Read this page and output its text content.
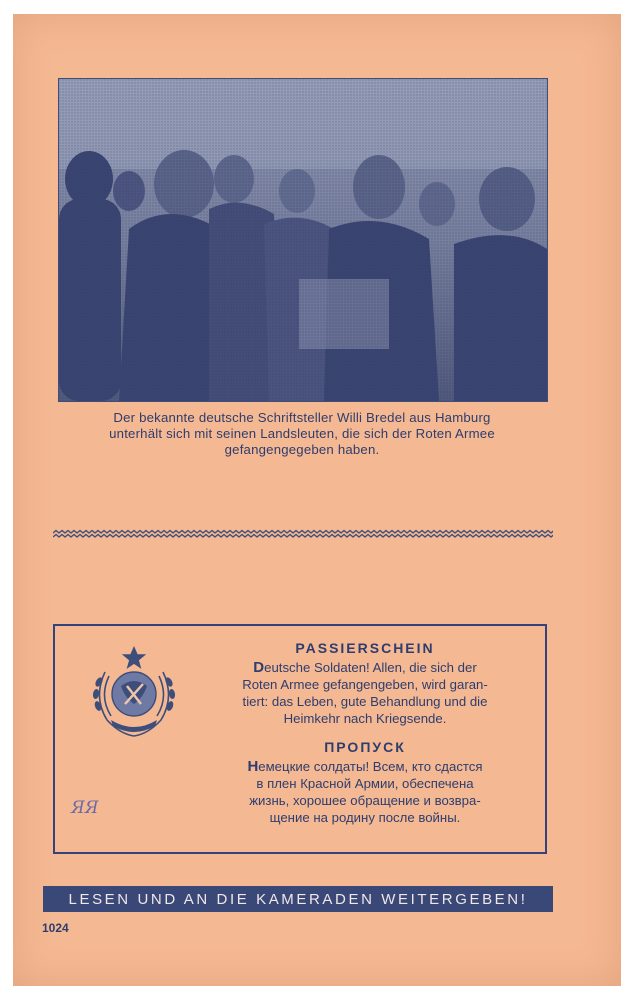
Der bekannte deutsche Schriftsteller Willi Bredel aus Hamburg
unterhält sich mit seinen Landsleuten, die sich der Roten Armee
gefangengegeben haben.
ЯЯ
PASSIERSCHEIN
Deutsche Soldaten! Allen, die sich der
Roten Armee gefangengeben, wird garan-
tiert: das Leben, gute Behandlung und die
Heimkehr nach Kriegsende.
ПРОПУСК
Немецкие солдаты! Всем, кто сдастся
в плен Красной Армии, обеспечена
жизнь, хорошее обращение и возвра-
щение на родину после войны.
LESEN UND AN DIE KAMERADEN WEITERGEBEN!
1024
